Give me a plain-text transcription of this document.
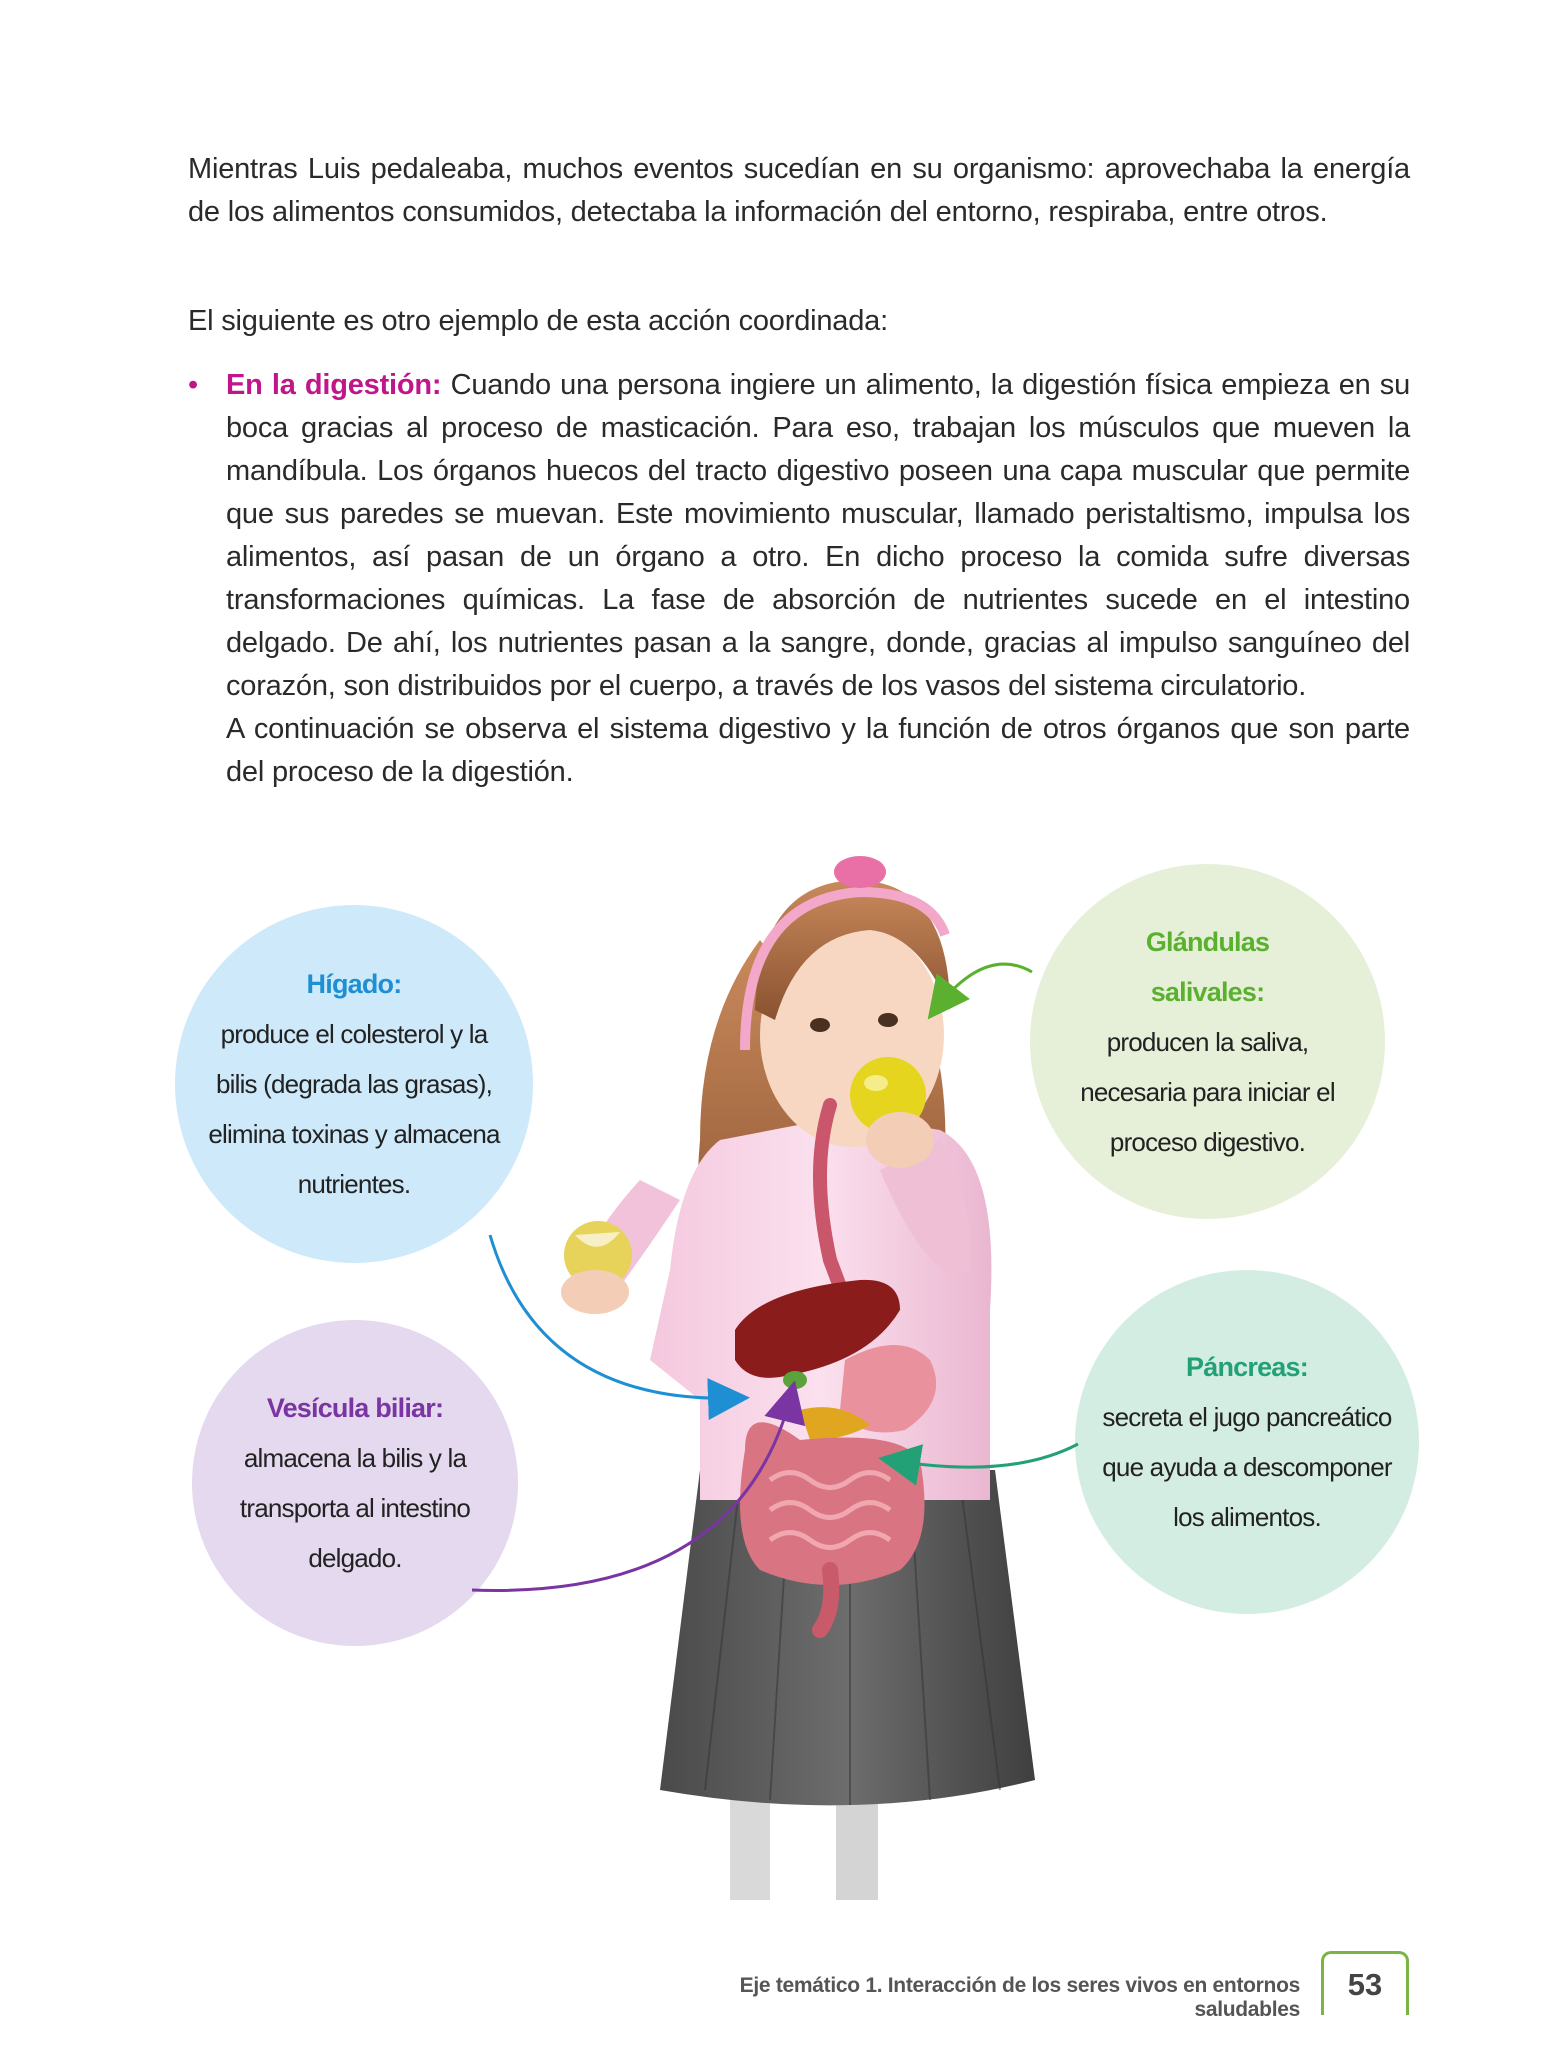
Mientras Luis pedaleaba, muchos eventos sucedían en su organismo: aprovechaba la energía de los alimentos consumidos, detectaba la información del entorno, respiraba, entre otros.

El siguiente es otro ejemplo de esta acción coordinada:

• En la digestión: Cuando una persona ingiere un alimento, la digestión física empieza en su boca gracias al proceso de masticación. Para eso, trabajan los músculos que mueven la mandíbula. Los órganos huecos del tracto digestivo poseen una capa muscular que permite que sus paredes se muevan. Este movimiento muscular, llamado peristaltismo, impulsa los alimentos, así pasan de un órgano a otro. En dicho proceso la comida sufre diversas transformaciones químicas. La fase de absorción de nutrientes sucede en el intestino delgado. De ahí, los nutrientes pasan a la sangre, donde, gracias al impulso sanguíneo del corazón, son distribuidos por el cuerpo, a través de los vasos del sistema circulatorio.

A continuación se observa el sistema digestivo y la función de otros órganos que son parte del proceso de la digestión.

Hígado:
produce el colesterol y la
bilis (degrada las grasas),
elimina toxinas y almacena
nutrientes.
Glándulas
salivales:
producen la saliva,
necesaria para iniciar el
proceso digestivo.
Vesícula biliar:
almacena la bilis y la
transporta al intestino
delgado.
Páncreas:
secreta el jugo pancreático
que ayuda a descomponer
los alimentos.
Eje temático 1. Interacción de los seres vivos en entornos saludables
53
